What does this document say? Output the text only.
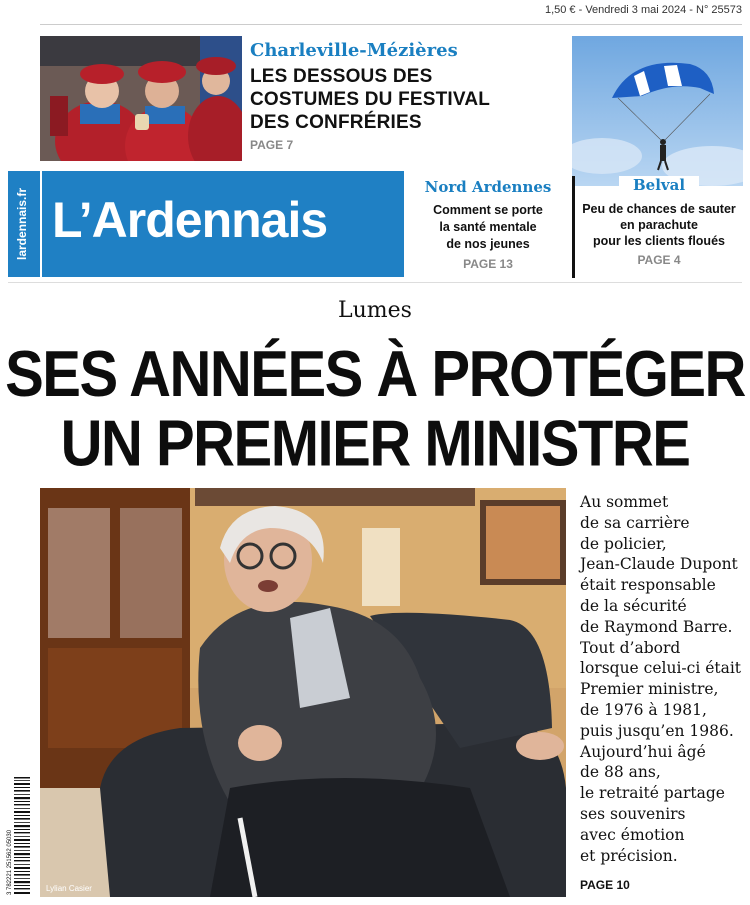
1,50 € - Vendredi 3 mai 2024 - N° 25573
Charleville-Mézières
LES DESSOUS DES
COSTUMES DU FESTIVAL
DES CONFRÉRIES
PAGE 7
Belval
Peu de chances de sauter
en parachute
pour les clients floués
PAGE 4
lardennais.fr L’Ardennais
Nord Ardennes
Comment se porte
la santé mentale
de nos jeunes
PAGE 13
Lumes
SES ANNÉES À PROTÉGER
UN PREMIER MINISTRE
Lylian Casier
Au sommet
de sa carrière
de policier,
Jean-Claude Dupont
était responsable
de la sécurité
de Raymond Barre.
Tout d’abord
lorsque celui-ci était
Premier ministre,
de 1976 à 1981,
puis jusqu’en 1986.
Aujourd’hui âgé
de 88 ans,
le retraité partage
ses souvenirs
avec émotion
et précision.
PAGE 10
3 782221 251562 05030
